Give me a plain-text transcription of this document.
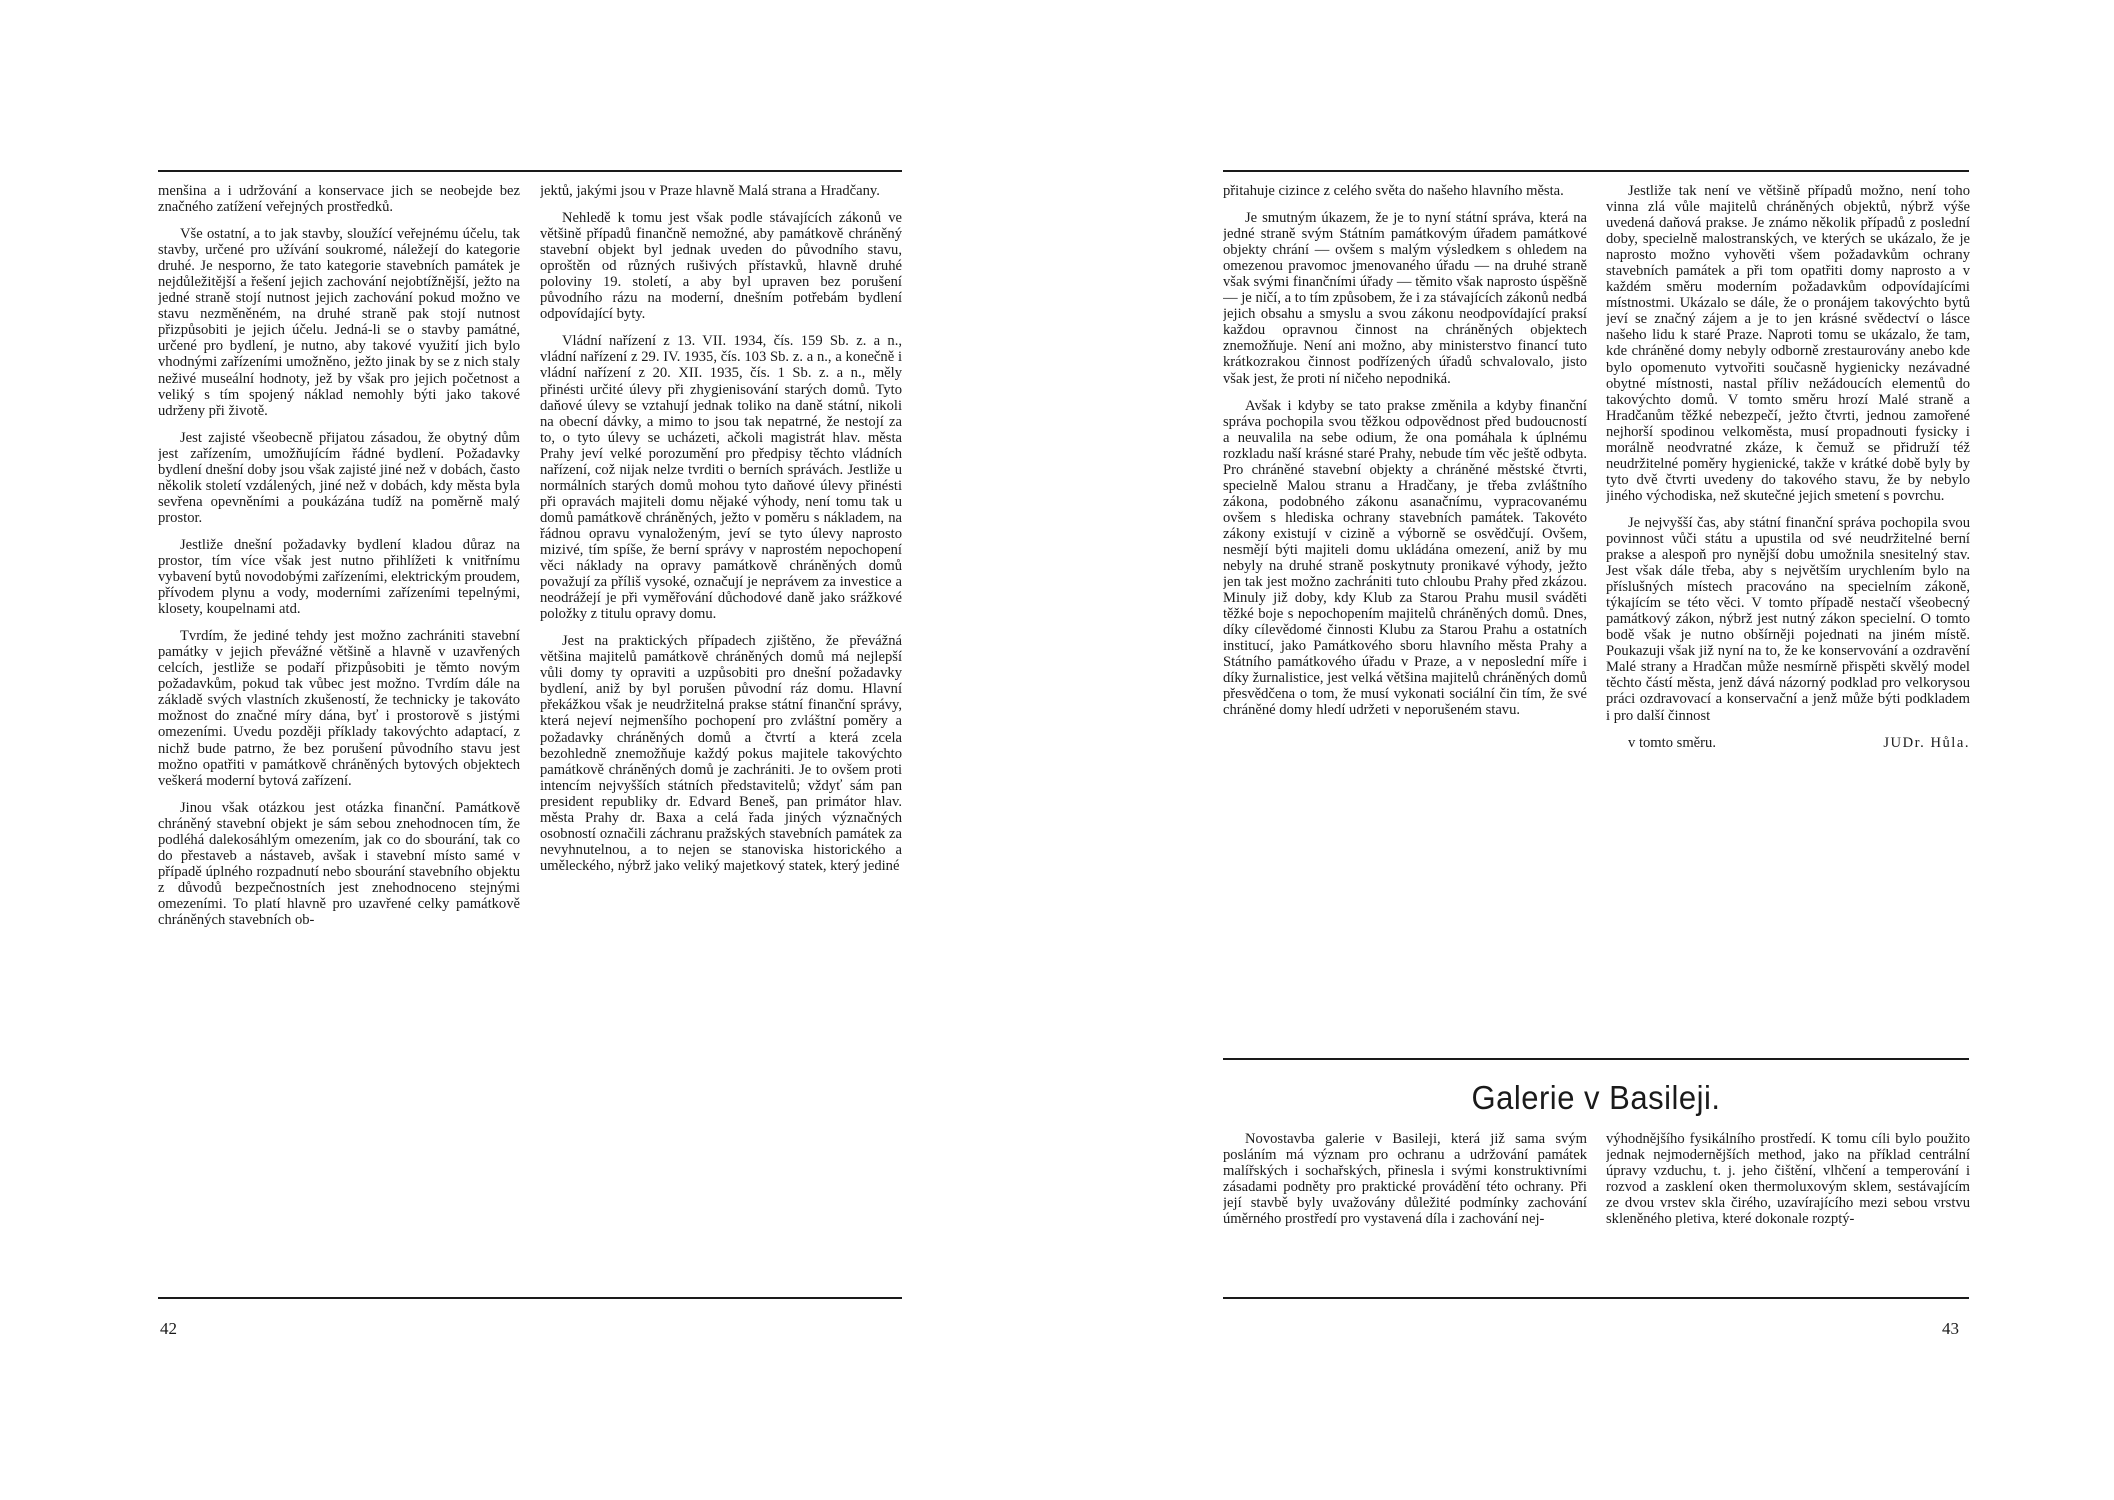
menšina a i udržování a konservace jich se neobejde bez značného zatížení veřejných prostředků.

Vše ostatní, a to jak stavby, sloužící veřejnému účelu, tak stavby, určené pro užívání soukromé, náležejí do kategorie druhé. Je nesporno, že tato kategorie stavebních památek je nejdůležitější a řešení jejich zachování nejobtížnější, ježto na jedné straně stojí nutnost jejich zachování pokud možno ve stavu nezměněném, na druhé straně pak stojí nutnost přizpůsobiti je jejich účelu. Jedná-li se o stavby památné, určené pro bydlení, je nutno, aby takové využití jich bylo vhodnými zařízeními umožněno, ježto jinak by se z nich staly neživé museální hodnoty, jež by však pro jejich početnost a veliký s tím spojený náklad nemohly býti jako takové udrženy při životě.

Jest zajisté všeobecně přijatou zásadou, že obytný dům jest zařízením, umožňujícím řádné bydlení. Požadavky bydlení dnešní doby jsou však zajisté jiné než v dobách, často několik století vzdálených, jiné než v dobách, kdy města byla sevřena opevněními a poukázána tudíž na poměrně malý prostor.

Jestliže dnešní požadavky bydlení kladou důraz na prostor, tím více však jest nutno přihlížeti k vnitřnímu vybavení bytů novodobými zařízeními, elektrickým proudem, přívodem plynu a vody, moderními zařízeními tepelnými, klosety, koupelnami atd.

Tvrdím, že jediné tehdy jest možno zachrániti stavební památky v jejich převážné většině a hlavně v uzavřených celcích, jestliže se podaří přizpůsobiti je těmto novým požadavkům, pokud tak vůbec jest možno. Tvrdím dále na základě svých vlastních zkušeností, že technicky je takováto možnost do značné míry dána, byť i prostorově s jistými omezeními. Uvedu později příklady takovýchto adaptací, z nichž bude patrno, že bez porušení původního stavu jest možno opatřiti v památkově chráněných bytových objektech veškerá moderní bytová zařízení.

Jinou však otázkou jest otázka finanční. Památkově chráněný stavební objekt je sám sebou znehodnocen tím, že podléhá dalekosáhlým omezením, jak co do sbourání, tak co do přestaveb a nástaveb, avšak i stavební místo samé v případě úplného rozpadnutí nebo sbourání stavebního objektu z důvodů bezpečnostních jest znehodnoceno stejnými omezeními. To platí hlavně pro uzavřené celky památkově chráněných stavebních ob-

jektů, jakými jsou v Praze hlavně Malá strana a Hradčany.

Nehledě k tomu jest však podle stávajících zákonů ve většině případů finančně nemožné, aby památkově chráněný stavební objekt byl jednak uveden do původního stavu, oproštěn od různých rušivých přístavků, hlavně druhé poloviny 19. století, a aby byl upraven bez porušení původního rázu na moderní, dnešním potřebám bydlení odpovídající byty.

Vládní nařízení z 13. VII. 1934, čís. 159 Sb. z. a n., vládní nařízení z 29. IV. 1935, čís. 103 Sb. z. a n., a konečně i vládní nařízení z 20. XII. 1935, čís. 1 Sb. z. a n., měly přinésti určité úlevy při zhygienisování starých domů. Tyto daňové úlevy se vztahují jednak toliko na daně státní, nikoli na obecní dávky, a mimo to jsou tak nepatrné, že nestojí za to, o tyto úlevy se ucházeti, ačkoli magistrát hlav. města Prahy jeví velké porozumění pro předpisy těchto vládních nařízení, což nijak nelze tvrditi o berních správách. Jestliže u normálních starých domů mohou tyto daňové úlevy přinésti při opravách majiteli domu nějaké výhody, není tomu tak u domů památkově chráněných, ježto v poměru s nákladem, na řádnou opravu vynaloženým, jeví se tyto úlevy naprosto mizivé, tím spíše, že berní správy v naprostém nepochopení věci náklady na opravy památkově chráněných domů považují za příliš vysoké, označují je neprávem za investice a neodrážejí je při vyměřování důchodové daně jako srážkové položky z titulu opravy domu.

Jest na praktických případech zjištěno, že převážná většina majitelů památkově chráněných domů má nejlepší vůli domy ty opraviti a uzpůsobiti pro dnešní požadavky bydlení, aniž by byl porušen původní ráz domu. Hlavní překážkou však je neudržitelná prakse státní finanční správy, která nejeví nejmenšího pochopení pro zvláštní poměry a požadavky chráněných domů a čtvrtí a která zcela bezohledně znemožňuje každý pokus majitele takovýchto památkově chráněných domů je zachrániti. Je to ovšem proti intencím nejvyšších státních představitelů; vždyť sám pan president republiky dr. Edvard Beneš, pan primátor hlav. města Prahy dr. Baxa a celá řada jiných význačných osobností označili záchranu pražských stavebních památek za nevyhnutelnou, a to nejen se stanoviska historického a uměleckého, nýbrž jako veliký majetkový statek, který jediné

42

přitahuje cizince z celého světa do našeho hlavního města.

Je smutným úkazem, že je to nyní státní správa, která na jedné straně svým Státním památkovým úřadem památkové objekty chrání — ovšem s malým výsledkem s ohledem na omezenou pravomoc jmenovaného úřadu — na druhé straně však svými finančními úřady — těmito však naprosto úspěšně — je ničí, a to tím způsobem, že i za stávajících zákonů nedbá jejich obsahu a smyslu a svou zákonu neodpovídající praksí každou opravnou činnost na chráněných objektech znemožňuje. Není ani možno, aby ministerstvo financí tuto krátkozrakou činnost podřízených úřadů schvalovalo, jisto však jest, že proti ní ničeho nepodniká.

Avšak i kdyby se tato prakse změnila a kdyby finanční správa pochopila svou těžkou odpovědnost před budoucností a neuvalila na sebe odium, že ona pomáhala k úplnému rozkladu naší krásné staré Prahy, nebude tím věc ještě odbyta. Pro chráněné stavební objekty a chráněné městské čtvrti, specielně Malou stranu a Hradčany, je třeba zvláštního zákona, podobného zákonu asanačnímu, vypracovanému ovšem s hlediska ochrany stavebních památek. Takovéto zákony existují v cizině a výborně se osvědčují. Ovšem, nesmějí býti majiteli domu ukládána omezení, aniž by mu nebyly na druhé straně poskytnuty pronikavé výhody, ježto jen tak jest možno zachrániti tuto chloubu Prahy před zkázou. Minuly již doby, kdy Klub za Starou Prahu musil sváděti těžké boje s nepochopením majitelů chráněných domů. Dnes, díky cílevědomé činnosti Klubu za Starou Prahu a ostatních institucí, jako Památkového sboru hlavního města Prahy a Státního památkového úřadu v Praze, a v neposlední míře i díky žurnalistice, jest velká většina majitelů chráněných domů přesvědčena o tom, že musí vykonati sociální čin tím, že své chráněné domy hledí udržeti v neporušeném stavu.

Jestliže tak není ve většině případů možno, není toho vinna zlá vůle majitelů chráněných objektů, nýbrž výše uvedená daňová prakse. Je známo několik případů z poslední doby, specielně malostranských, ve kterých se ukázalo, že je naprosto možno vyhověti všem požadavkům ochrany stavebních památek a při tom opatřiti domy naprosto a v každém směru moderním požadavkům odpovídajícími místnostmi. Ukázalo se dále, že o pronájem takovýchto bytů jeví se značný zájem a je to jen krásné svědectví o lásce našeho lidu k staré Praze. Naproti tomu se ukázalo, že tam, kde chráněné domy nebyly odborně zrestaurovány anebo kde bylo opomenuto vytvořiti současně hygienicky nezávadné obytné místnosti, nastal příliv nežádoucích elementů do takovýchto domů. V tomto směru hrozí Malé straně a Hradčanům těžké nebezpečí, ježto čtvrti, jednou zamořené nejhorší spodinou velkoměsta, musí propadnouti fysicky i morálně neodvratné zkáze, k čemuž se přidruží též neudržitelné poměry hygienické, takže v krátké době byly by tyto dvě čtvrti uvedeny do takového stavu, že by nebylo jiného východiska, než skutečné jejich smetení s povrchu.

Je nejvyšší čas, aby státní finanční správa pochopila svou povinnost vůči státu a upustila od své neudržitelné berní prakse a alespoň pro nynější dobu umožnila snesitelný stav. Jest však dále třeba, aby s největším urychlením bylo na příslušných místech pracováno na specielním zákoně, týkajícím se této věci. V tomto případě nestačí všeobecný památkový zákon, nýbrž jest nutný zákon specielní. O tomto bodě však je nutno obšírněji pojednati na jiném místě. Poukazuji však již nyní na to, že ke konservování a ozdravění Malé strany a Hradčan může nesmírně přispěti skvělý model těchto částí města, jenž dává názorný podklad pro velkorysou práci ozdravovací a konservační a jenž může býti podkladem i pro další činnost

v tomto směru.	JUDr. Hůla.

Galerie v Basileji.

Novostavba galerie v Basileji, která již sama svým posláním má význam pro ochranu a udržování památek malířských i sochařských, přinesla i svými konstruktivními zásadami podněty pro praktické provádění této ochrany. Při její stavbě byly uvažovány důležité podmínky zachování úměrného prostředí pro vystavená díla i zachování nej-

výhodnějšího fysikálního prostředí. K tomu cíli bylo použito jednak nejmodernějších method, jako na příklad centrální úpravy vzduchu, t. j. jeho čištění, vlhčení a temperování i rozvod a zasklení oken thermoluxovým sklem, sestávajícím ze dvou vrstev skla čirého, uzavírajícího mezi sebou vrstvu skleněného pletiva, které dokonale rozptý-

43
